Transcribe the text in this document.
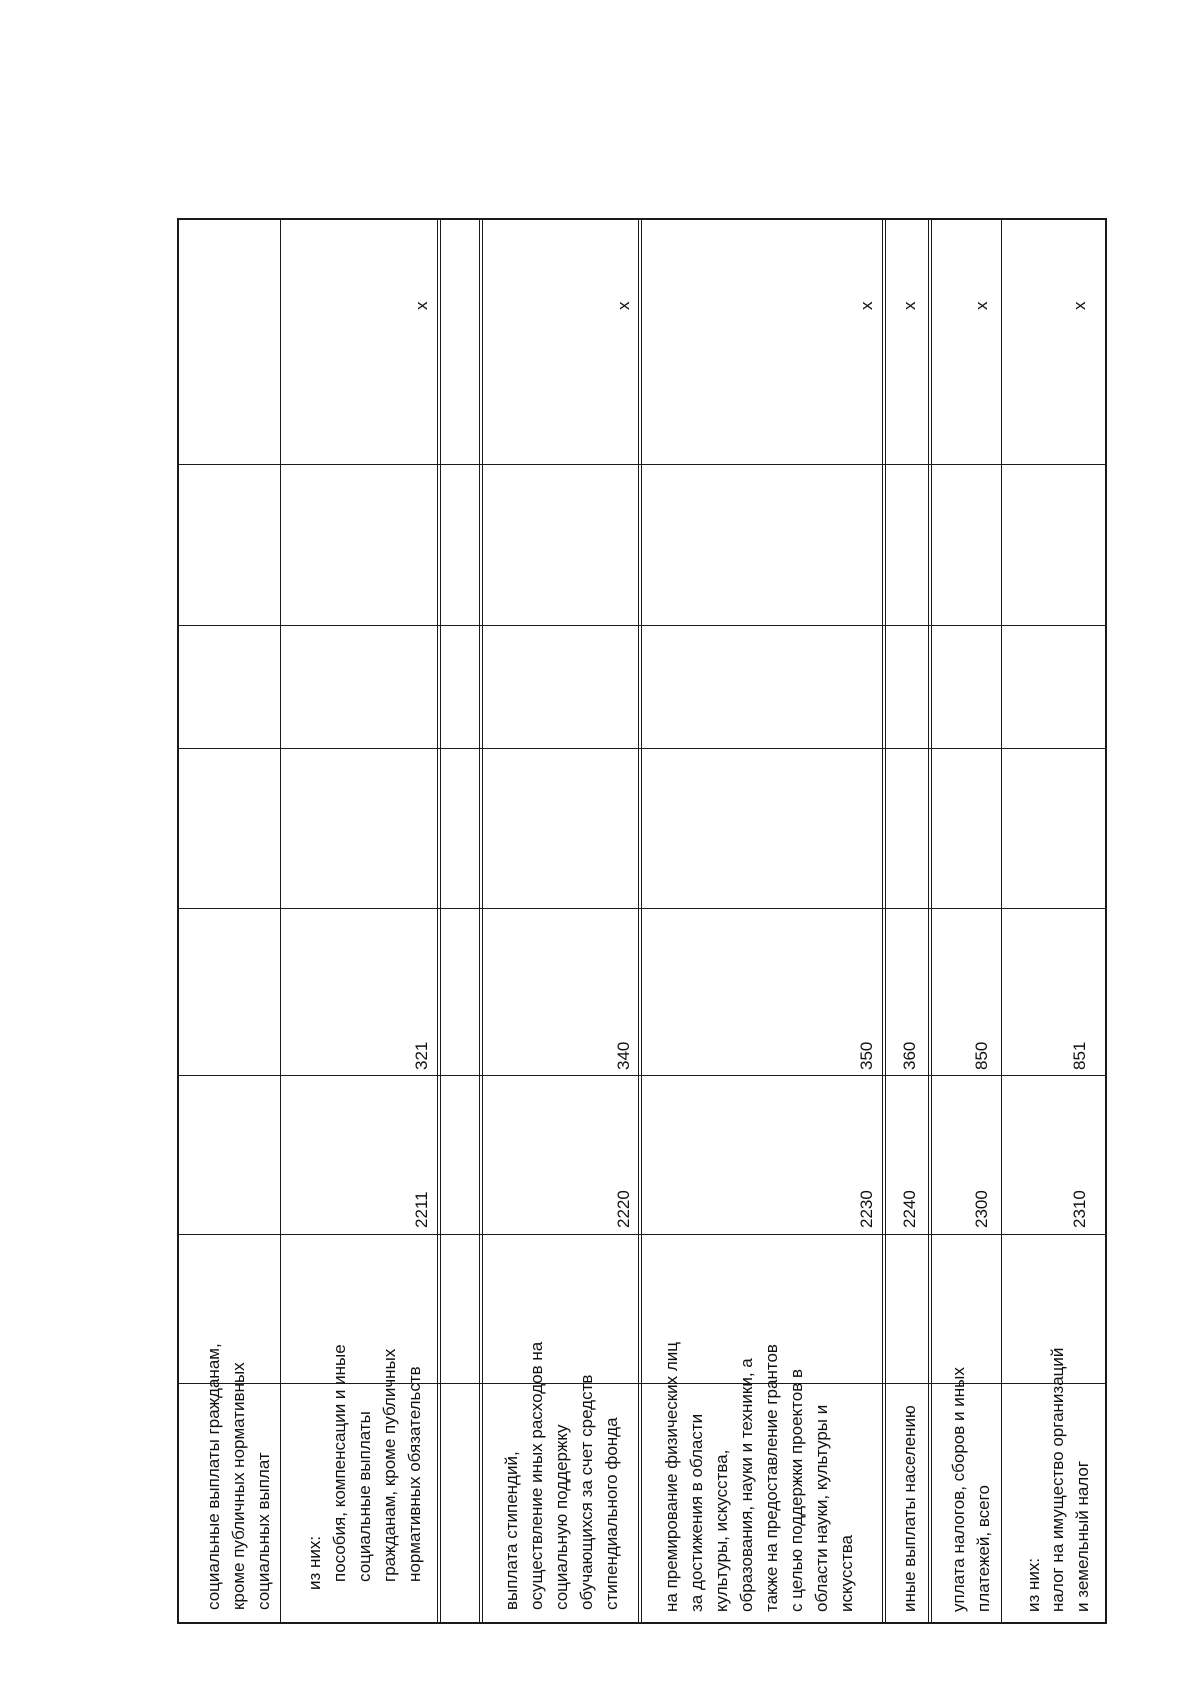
социальные выплаты гражданам,
кроме публичных нормативных
социальных выплат
из них: пособия, компенсации и иные
социальные выплаты
гражданам, кроме публичных
нормативных обязательств
2211
321
x
выплата стипендий,
осуществление иных расходов на
социальную поддержку
обучающихся за счет средств
стипендиального фонда
2220
340
x
на премирование физических лиц
за достижения в области
культуры, искусства,
образования, науки и техники, а
также на предоставление грантов
с целью поддержки проектов в
области науки, культуры и
искусства
2230
350
x
иные выплаты населению
2240
360
x
уплата налогов, сборов и иных
платежей, всего
2300
850
x
из них: налог на имущество организаций
и земельный налог
2310
851
x
